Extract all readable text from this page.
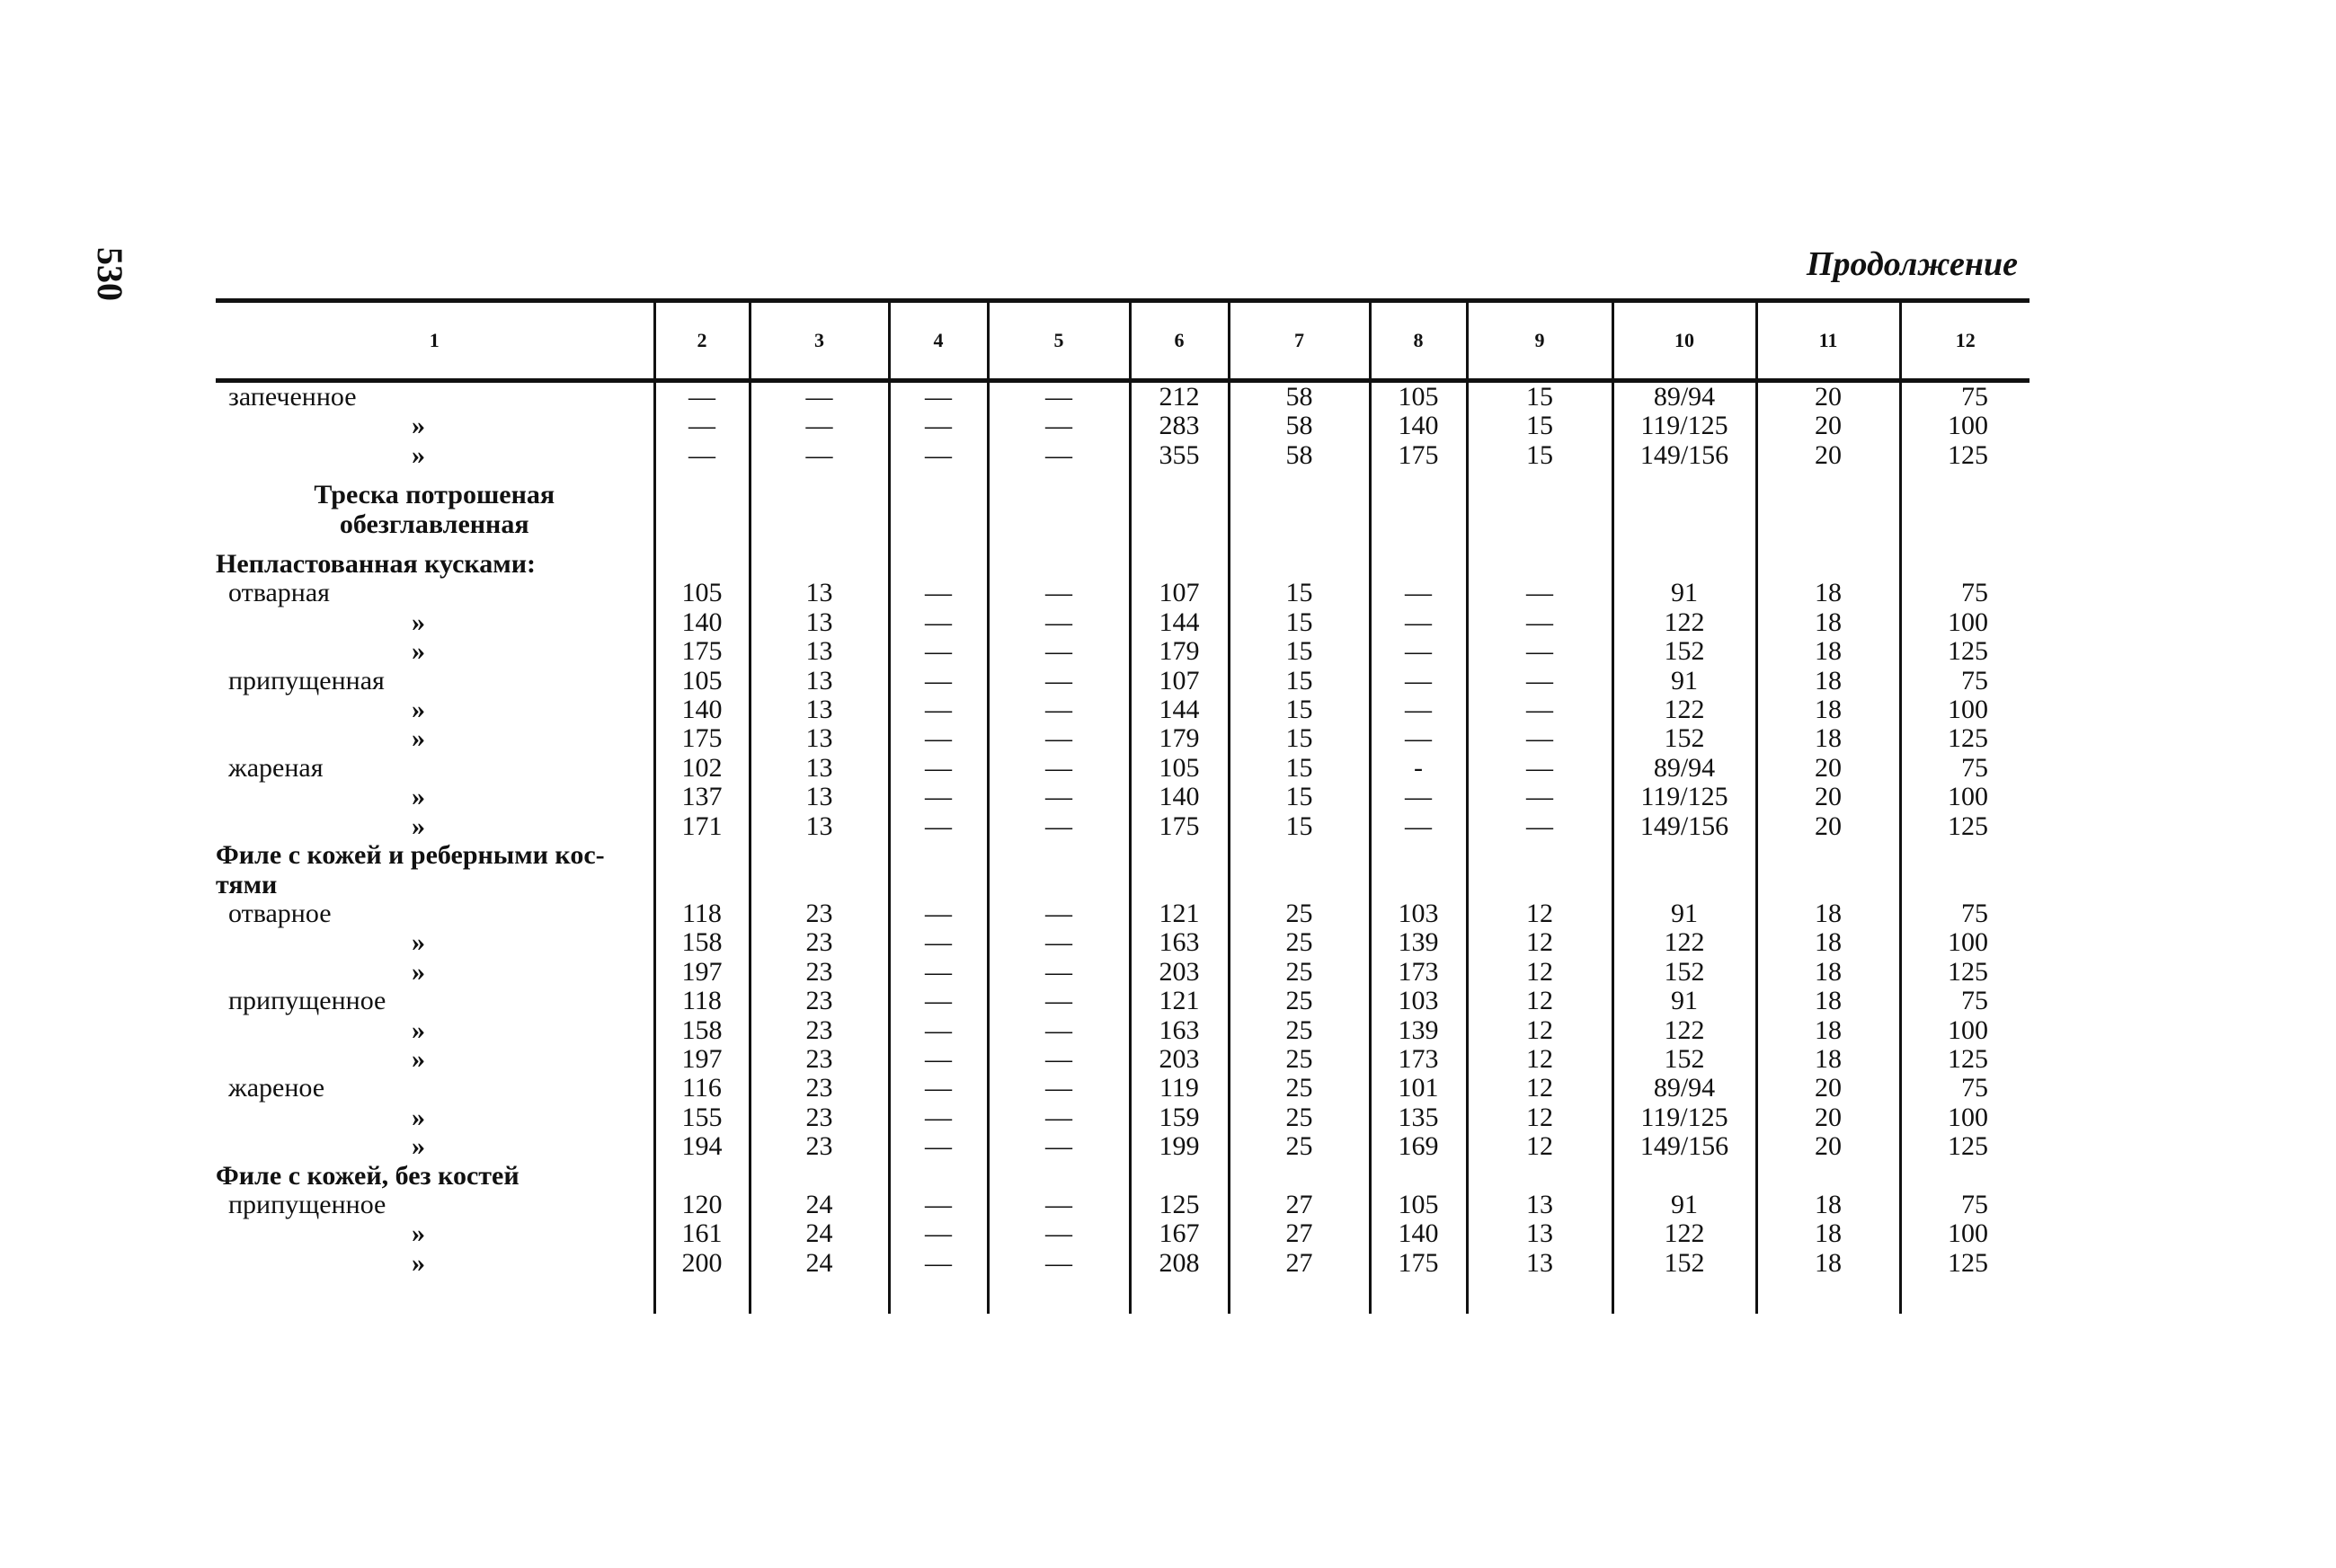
530	Продолжение
1	2	3	4	5	6	7	8	9	10	11	12
запеченное	—	—	—	—	212	58	105	15	89/94	20	75
»	—	—	—	—	283	58	140	15	119/125	20	100
»	—	—	—	—	355	58	175	15	149/156	20	125

Треска потрошеная											
обезглавленная											

Непластованная кусками:											
отварная	105	13	—	—	107	15	—	—	91	18	75
»	140	13	—	—	144	15	—	—	122	18	100
»	175	13	—	—	179	15	—	—	152	18	125
припущенная	105	13	—	—	107	15	—	—	91	18	75
»	140	13	—	—	144	15	—	—	122	18	100
»	175	13	—	—	179	15	—	—	152	18	125
жареная	102	13	—	—	105	15	-	—	89/94	20	75
»	137	13	—	—	140	15	—	—	119/125	20	100
»	171	13	—	—	175	15	—	—	149/156	20	125
Филе с кожей и реберными кос-											
тями											
отварное	118	23	—	—	121	25	103	12	91	18	75
»	158	23	—	—	163	25	139	12	122	18	100
»	197	23	—	—	203	25	173	12	152	18	125
припущенное	118	23	—	—	121	25	103	12	91	18	75
»	158	23	—	—	163	25	139	12	122	18	100
»	197	23	—	—	203	25	173	12	152	18	125
жареное	116	23	—	—	119	25	101	12	89/94	20	75
»	155	23	—	—	159	25	135	12	119/125	20	100
»	194	23	—	—	199	25	169	12	149/156	20	125
Филе с кожей, без костей											
припущенное	120	24	—	—	125	27	105	13	91	18	75
»	161	24	—	—	167	27	140	13	122	18	100
»	200	24	—	—	208	27	175	13	152	18	125
